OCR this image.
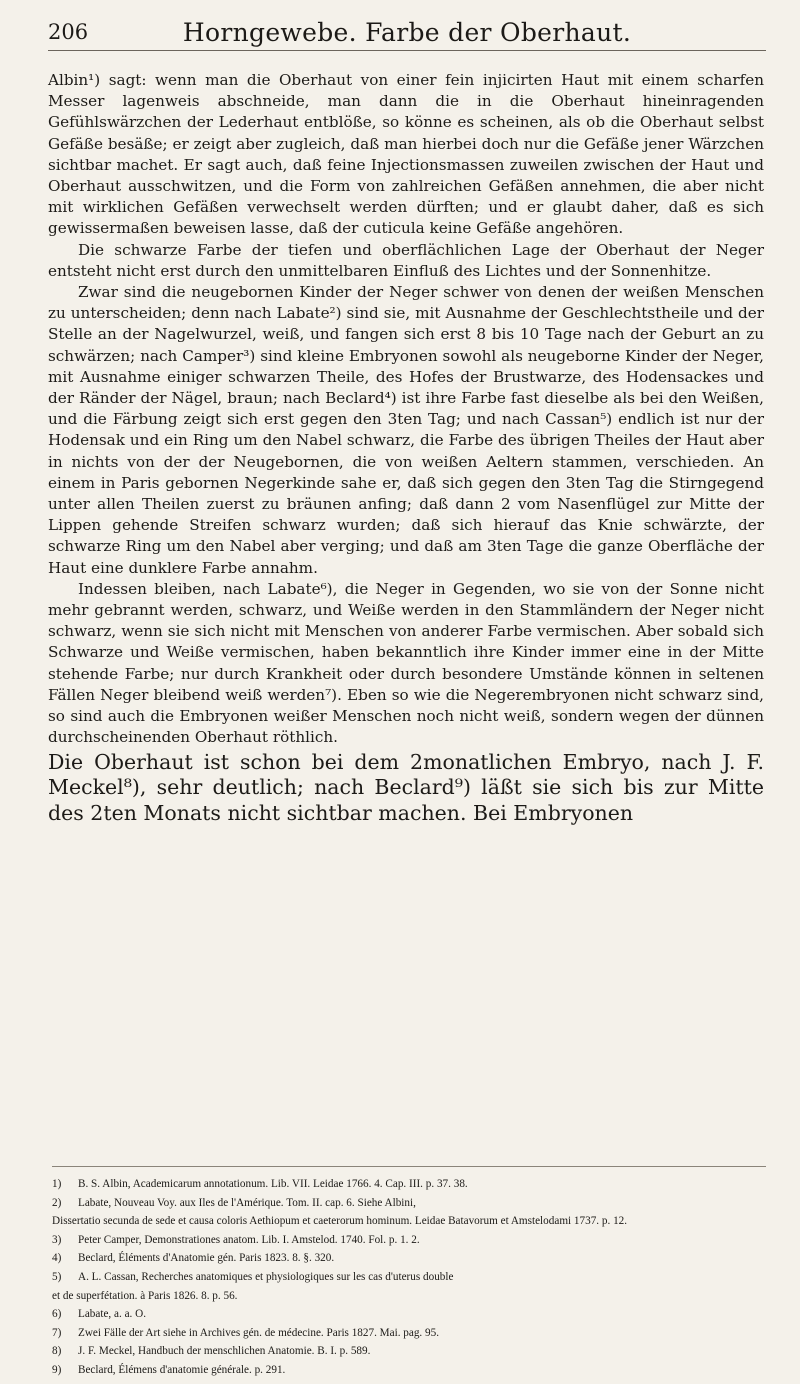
206	Horngewebe. Farbe der Oberhaut.

Albin¹) sagt: wenn man die Oberhaut von einer fein injicirten Haut mit einem scharfen Messer lagenweis abschneide, man dann die in die Oberhaut hineinragenden Gefühlswärzchen der Lederhaut entblöße, so könne es scheinen, als ob die Oberhaut selbst Gefäße besäße; er zeigt aber zugleich, daß man hierbei doch nur die Gefäße jener Wärzchen sichtbar machet. Er sagt auch, daß feine Injectionsmassen zuweilen zwischen der Haut und Oberhaut ausschwitzen, und die Form von zahlreichen Gefäßen annehmen, die aber nicht mit wirklichen Gefäßen verwechselt werden dürften; und er glaubt daher, daß es sich gewissermaßen beweisen lasse, daß der cuticula keine Gefäße angehören.

Die schwarze Farbe der tiefen und oberflächlichen Lage der Oberhaut der Neger entsteht nicht erst durch den unmittelbaren Einfluß des Lichtes und der Sonnenhitze.

Zwar sind die neugebornen Kinder der Neger schwer von denen der weißen Menschen zu unterscheiden; denn nach Labate²) sind sie, mit Ausnahme der Geschlechtstheile und der Stelle an der Nagelwurzel, weiß, und fangen sich erst 8 bis 10 Tage nach der Geburt an zu schwärzen; nach Camper³) sind kleine Embryonen sowohl als neugeborne Kinder der Neger, mit Ausnahme einiger schwarzen Theile, des Hofes der Brustwarze, des Hodensackes und der Ränder der Nägel, braun; nach Beclard⁴) ist ihre Farbe fast dieselbe als bei den Weißen, und die Färbung zeigt sich erst gegen den 3ten Tag; und nach Cassan⁵) endlich ist nur der Hodensak und ein Ring um den Nabel schwarz, die Farbe des übrigen Theiles der Haut aber in nichts von der der Neugebornen, die von weißen Aeltern stammen, verschieden. An einem in Paris gebornen Negerkinde sahe er, daß sich gegen den 3ten Tag die Stirngegend unter allen Theilen zuerst zu bräunen anfing; daß dann 2 vom Nasenflügel zur Mitte der Lippen gehende Streifen schwarz wurden; daß sich hierauf das Knie schwärzte, der schwarze Ring um den Nabel aber verging; und daß am 3ten Tage die ganze Oberfläche der Haut eine dunklere Farbe annahm.

Indessen bleiben, nach Labate⁶), die Neger in Gegenden, wo sie von der Sonne nicht mehr gebrannt werden, schwarz, und Weiße werden in den Stammländern der Neger nicht schwarz, wenn sie sich nicht mit Menschen von anderer Farbe vermischen. Aber sobald sich Schwarze und Weiße vermischen, haben bekanntlich ihre Kinder immer eine in der Mitte stehende Farbe; nur durch Krankheit oder durch besondere Umstände können in seltenen Fällen Neger bleibend weiß werden⁷). Eben so wie die Negerembryonen nicht schwarz sind, so sind auch die Embryonen weißer Menschen noch nicht weiß, sondern wegen der dünnen durchscheinenden Oberhaut röthlich.

Die Oberhaut ist schon bei dem 2monatlichen Embryo, nach J. F. Meckel⁸), sehr deutlich; nach Beclard⁹) läßt sie sich bis zur Mitte des 2ten Monats nicht sichtbar machen. Bei Embryonen

1)	B. S. Albin, Academicarum annotationum. Lib. VII. Leidae 1766. 4. Cap. III. p. 37. 38.
2)	Labate, Nouveau Voy. aux Iles de l'Amérique. Tom. II. cap. 6. Siehe Albini,
Dissertatio secunda de sede et causa coloris Aethiopum et caeterorum hominum. Leidae Batavorum et Amstelodami 1737. p. 12.
3)	Peter Camper, Demonstrationes anatom. Lib. I. Amstelod. 1740. Fol. p. 1. 2.
4)	Beclard, Éléments d'Anatomie gén. Paris 1823. 8. §. 320.
5)	A. L. Cassan, Recherches anatomiques et physiologiques sur les cas d'uterus double
et de superfétation. à Paris 1826. 8. p. 56.
6)	Labate, a. a. O.
7)	Zwei Fälle der Art siehe in Archives gén. de médecine. Paris 1827. Mai. pag. 95.
8)	J. F. Meckel, Handbuch der menschlichen Anatomie. B. I. p. 589.
9)	Beclard, Élémens d'anatomie générale. p. 291.
